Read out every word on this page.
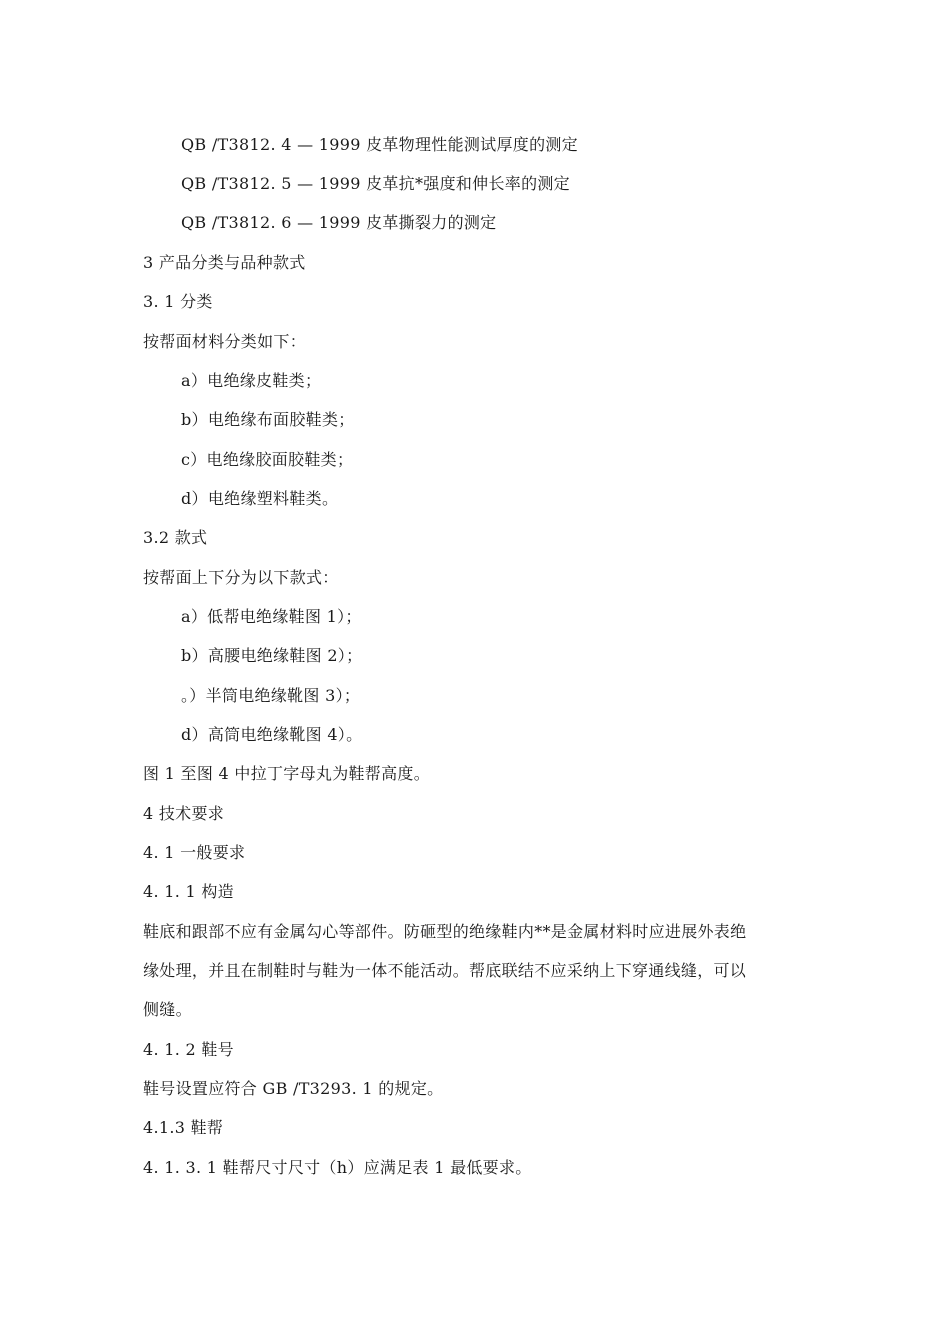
QB /T3812. 4 — 1999 皮革物理性能测试厚度的测定
QB /T3812. 5 — 1999 皮革抗*强度和伸长率的测定
QB /T3812. 6 — 1999 皮革撕裂力的测定
3 产品分类与品种款式
3. 1 分类
按帮面材料分类如下：
a）电绝缘皮鞋类；
b）电绝缘布面胶鞋类；
c）电绝缘胶面胶鞋类；
d）电绝缘塑料鞋类。
3.2 款式
按帮面上下分为以下款式：
a）低帮电绝缘鞋图 1）；
b）高腰电绝缘鞋图 2）；
。）半筒电绝缘靴图 3）；
d）高筒电绝缘靴图 4）。
图 1 至图 4 中拉丁字母丸为鞋帮高度。
4 技术要求
4. 1 一般要求
4. 1. 1 构造
鞋底和跟部不应有金属勾心等部件。防砸型的绝缘鞋内**是金属材料时应进展外表绝
缘处理，并且在制鞋时与鞋为一体不能活动。帮底联结不应采纳上下穿通线缝，可以
侧缝。
4. 1. 2 鞋号
鞋号设置应符合 GB /T3293. 1 的规定。
4.1.3 鞋帮
4. 1. 3. 1 鞋帮尺寸尺寸（h）应满足表 1 最低要求。
